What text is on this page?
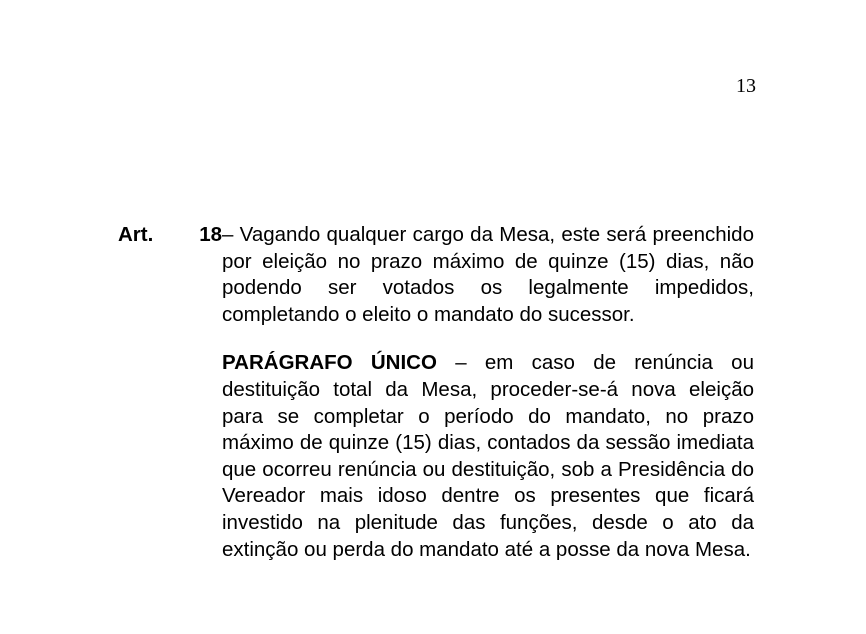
13
Art. 18 – Vagando qualquer cargo da Mesa, este será preenchido por eleição no prazo máximo de quinze (15) dias, não podendo ser votados os legalmente impedidos, completando o eleito o mandato do sucessor.
PARÁGRAFO ÚNICO – em caso de renúncia ou destituição total da Mesa, proceder-se-á nova eleição para se completar o período do mandato, no prazo máximo de quinze (15) dias, contados da sessão imediata que ocorreu renúncia ou destituição, sob a Presidência do Vereador mais idoso dentre os presentes que ficará investido na plenitude das funções, desde o ato da extinção ou perda do mandato até a posse da nova Mesa.
